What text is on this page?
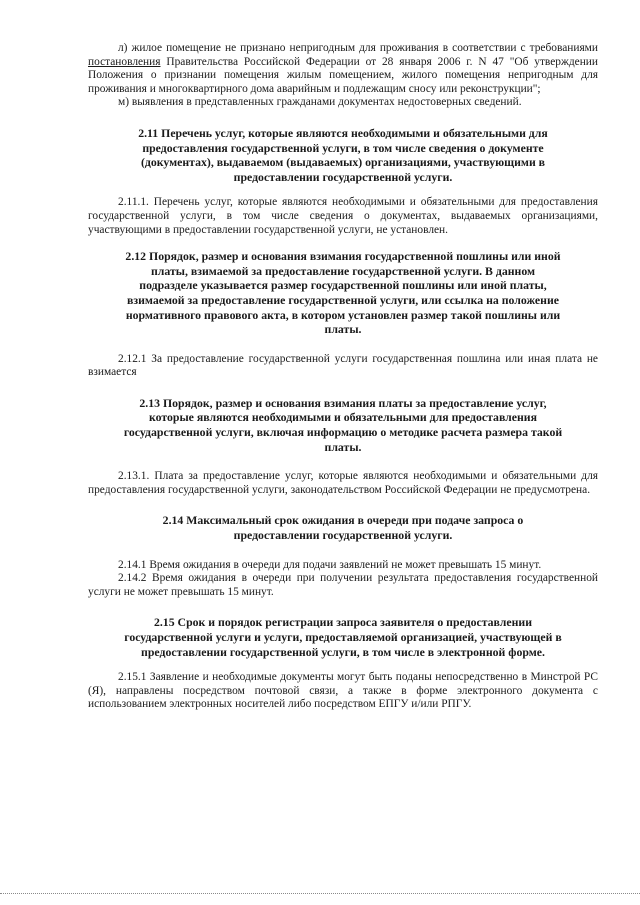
л) жилое помещение не признано непригодным для проживания в соответствии с требованиями постановления Правительства Российской Федерации от 28 января 2006 г. N 47 "Об утверждении Положения о признании помещения жилым помещением, жилого помещения непригодным для проживания и многоквартирного дома аварийным и подлежащим сносу или реконструкции";

м) выявления в представленных гражданами документах недостоверных сведений.

2.11 Перечень услуг, которые являются необходимыми и обязательными для предоставления государственной услуги, в том числе сведения о документе (документах), выдаваемом (выдаваемых) организациями, участвующими в предоставлении государственной услуги.

2.11.1. Перечень услуг, которые являются необходимыми и обязательными для предоставления государственной услуги, в том числе сведения о документах, выдаваемых организациями, участвующими в предоставлении государственной услуги, не установлен.

2.12 Порядок, размер и основания взимания государственной пошлины или иной платы, взимаемой за предоставление государственной услуги. В данном подразделе указывается размер государственной пошлины или иной платы, взимаемой за предоставление государственной услуги, или ссылка на положение нормативного правового акта, в котором установлен размер такой пошлины или платы.

2.12.1 За предоставление государственной услуги государственная пошлина или иная плата не взимается

2.13 Порядок, размер и основания взимания платы за предоставление услуг, которые являются необходимыми и обязательными для предоставления государственной услуги, включая информацию о методике расчета размера такой платы.

2.13.1. Плата за предоставление услуг, которые являются необходимыми и обязательными для предоставления государственной услуги, законодательством Российской Федерации не предусмотрена.

2.14 Максимальный срок ожидания в очереди при подаче запроса о предоставлении государственной услуги.

2.14.1 Время ожидания в очереди для подачи заявлений не может превышать 15 минут.

2.14.2 Время ожидания в очереди при получении результата предоставления государственной услуги не может превышать 15 минут.

2.15 Срок и порядок регистрации запроса заявителя о предоставлении государственной услуги и услуги, предоставляемой организацией, участвующей в предоставлении государственной услуги, в том числе в электронной форме.

2.15.1 Заявление и необходимые документы могут быть поданы непосредственно в Минстрой РС (Я), направлены посредством почтовой связи, а также в форме электронного документа с использованием электронных носителей либо посредством ЕПГУ и/или РПГУ.
